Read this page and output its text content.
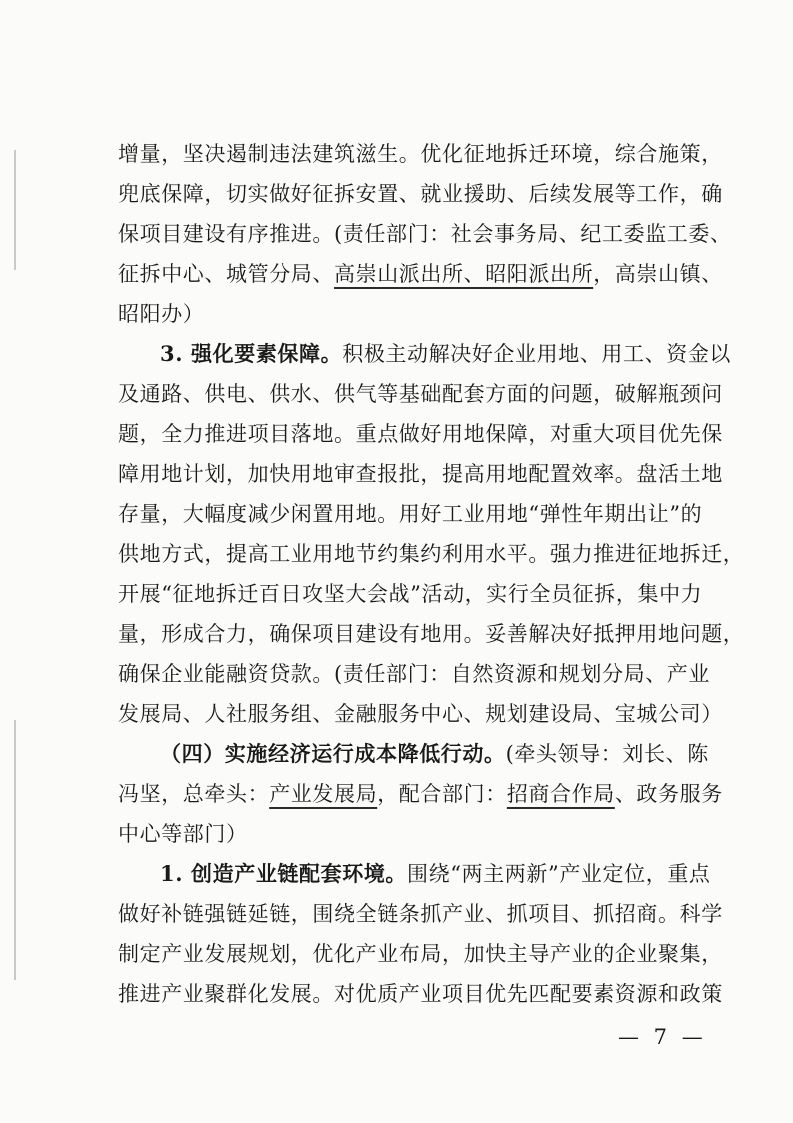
增量，坚决遏制违法建筑滋生。优化征地拆迁环境，综合施策，
兜底保障，切实做好征拆安置、就业援助、后续发展等工作，确
保项目建设有序推进。(责任部门：社会事务局、纪工委监工委、
征拆中心、城管分局、高崇山派出所、昭阳派出所，高崇山镇、
昭阳办）
3. 强化要素保障。积极主动解决好企业用地、用工、资金以
及通路、供电、供水、供气等基础配套方面的问题，破解瓶颈问
题，全力推进项目落地。重点做好用地保障，对重大项目优先保
障用地计划，加快用地审查报批，提高用地配置效率。盘活土地
存量，大幅度减少闲置用地。用好工业用地“弹性年期出让”的
供地方式，提高工业用地节约集约利用水平。强力推进征地拆迁，
开展“征地拆迁百日攻坚大会战”活动，实行全员征拆，集中力
量，形成合力，确保项目建设有地用。妥善解决好抵押用地问题，
确保企业能融资贷款。(责任部门：自然资源和规划分局、产业
发展局、人社服务组、金融服务中心、规划建设局、宝城公司）
（四）实施经济运行成本降低行动。(牵头领导：刘长、陈
冯坚，总牵头：产业发展局，配合部门：招商合作局、政务服务
中心等部门）
1. 创造产业链配套环境。围绕“两主两新”产业定位，重点
做好补链强链延链，围绕全链条抓产业、抓项目、抓招商。科学
制定产业发展规划，优化产业布局，加快主导产业的企业聚集，
推进产业聚群化发展。对优质产业项目优先匹配要素资源和政策
— 7 —
